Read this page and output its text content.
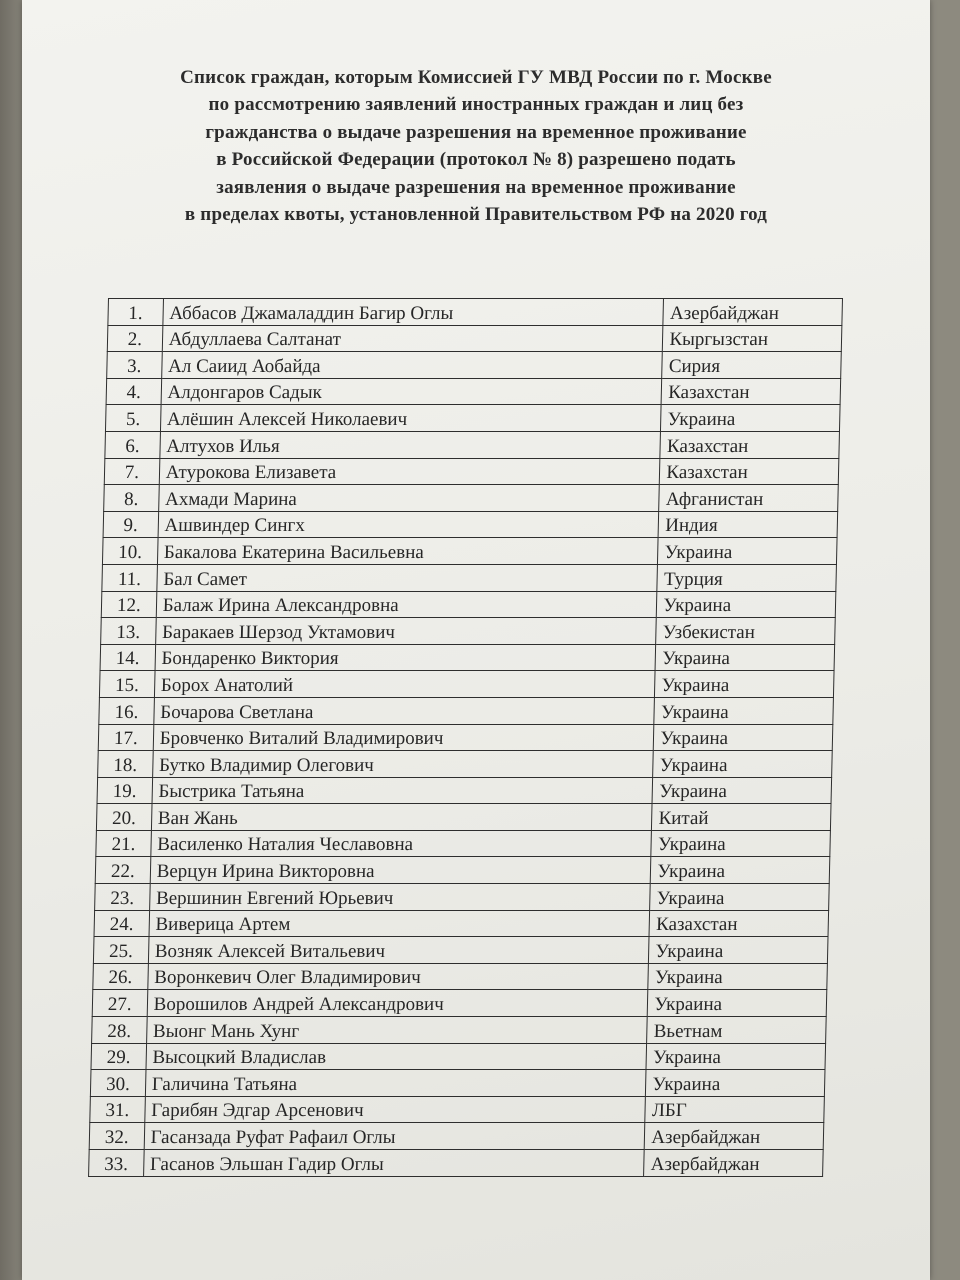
Список граждан, которым Комиссией ГУ МВД России по г. Москве
по рассмотрению заявлений иностранных граждан и лиц без
гражданства о выдаче разрешения на временное проживание
в Российской Федерации (протокол № 8) разрешено подать
заявления о выдаче разрешения на временное проживание
в пределах квоты, установленной Правительством РФ на 2020 год
1.	Аббасов Джамаладдин Багир Оглы	Азербайджан
2.	Абдуллаева Салтанат	Кыргызстан
3.	Ал Саиид Аобайда	Сирия
4.	Алдонгаров Садык	Казахстан
5.	Алёшин Алексей Николаевич	Украина
6.	Алтухов Илья	Казахстан
7.	Атурокова Елизавета	Казахстан
8.	Ахмади Марина	Афганистан
9.	Ашвиндер Сингх	Индия
10.	Бакалова Екатерина Васильевна	Украина
11.	Бал Самет	Турция
12.	Балаж Ирина Александровна	Украина
13.	Баракаев Шерзод Уктамович	Узбекистан
14.	Бондаренко Виктория	Украина
15.	Борох Анатолий	Украина
16.	Бочарова Светлана	Украина
17.	Бровченко Виталий Владимирович	Украина
18.	Бутко Владимир Олегович	Украина
19.	Быстрика Татьяна	Украина
20.	Ван Жань	Китай
21.	Василенко Наталия Чеславовна	Украина
22.	Верцун Ирина Викторовна	Украина
23.	Вершинин Евгений Юрьевич	Украина
24.	Виверица Артем	Казахстан
25.	Возняк Алексей Витальевич	Украина
26.	Воронкевич Олег Владимирович	Украина
27.	Ворошилов Андрей Александрович	Украина
28.	Выонг Мань Хунг	Вьетнам
29.	Высоцкий Владислав	Украина
30.	Галичина Татьяна	Украина
31.	Гарибян Эдгар Арсенович	ЛБГ
32.	Гасанзада Руфат Рафаил Оглы	Азербайджан
33.	Гасанов Эльшан Гадир Оглы	Азербайджан
